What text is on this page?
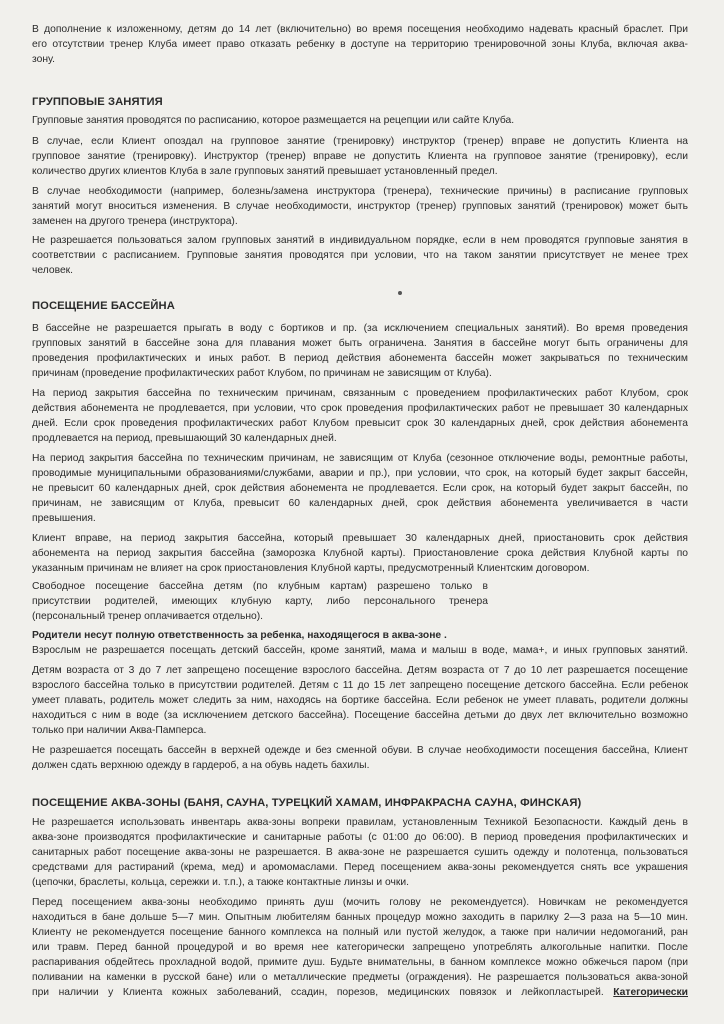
В дополнение к изложенному, детям до 14 лет (включительно) во время посещения необходимо надевать красный браслет. При
его отсутствии тренер Клуба имеет право отказать ребенку в доступе на территорию тренировочной зоны Клуба, включая аква-
зону.
ГРУППОВЫЕ ЗАНЯТИЯ
Групповые занятия проводятся по расписанию, которое размещается на рецепции или сайте Клуба.
В случае, если Клиент опоздал на групповое занятие (тренировку) инструктор (тренер) вправе не допустить Клиента на
групповое занятие (тренировку). Инструктор (тренер) вправе не допустить Клиента на групповое занятие (тренировку), если
количество других клиентов Клуба в зале групповых занятий превышает установленный предел.
В случае необходимости (например, болезнь/замена инструктора (тренера), технические причины) в расписание групповых
занятий могут вноситься изменения. В случае необходимости, инструктор (тренер) групповых занятий (тренировок) может быть
заменен на другого тренера (инструктора).
Не разрешается пользоваться залом групповых занятий в индивидуальном порядке, если в нем проводятся групповые занятия в
соответствии с расписанием. Групповые занятия проводятся при условии, что на таком занятии присутствует не менее трех
человек.
ПОСЕЩЕНИЕ БАССЕЙНА
В бассейне не разрешается прыгать в воду с бортиков и пр. (за исключением специальных занятий). Во время проведения
групповых занятий в бассейне зона для плавания может быть ограничена. Занятия в бассейне могут быть ограничены для
проведения профилактических и иных работ. В период действия абонемента бассейн может закрываться по техническим
причинам (проведение профилактических работ Клубом, по причинам не зависящим от Клуба).
На период закрытия бассейна по техническим причинам, связанным с проведением профилактических работ Клубом, срок
действия абонемента не продлевается, при условии, что срок проведения профилактических работ не превышает 30 календарных
дней. Если срок проведения профилактических работ Клубом превысит срок 30 календарных дней, срок действия абонемента
продлевается на период, превышающий 30 календарных дней.
На период закрытия бассейна по техническим причинам, не зависящим от Клуба (сезонное отключение воды, ремонтные работы,
проводимые муниципальными образованиями/службами, аварии и пр.), при условии, что срок, на который будет закрыт бассейн,
не превысит 60 календарных дней, срок действия абонемента не продлевается. Если срок, на который будет закрыт бассейн, по
причинам, не зависящим от Клуба, превысит 60 календарных дней, срок действия абонемента увеличивается в части
превышения.
Клиент вправе, на период закрытия бассейна, который превышает 30 календарных дней, приостановить срок действия
абонемента на период закрытия бассейна (заморозка Клубной карты). Приостановление срока действия Клубной карты по
указанным причинам не влияет на срок приостановления Клубной карты, предусмотренный Клиентским договором.
Свободное посещение бассейна детям (по клубным картам) разрешено только в
присутствии родителей, имеющих клубную карту, либо персонального тренера
(персональный тренер оплачивается отдельно).
Родители несут полную ответственность за ребенка, находящегося в аква-зоне .
Взрослым не разрешается посещать детский бассейн, кроме занятий, мама и малыш в воде, мама+, и иных групповых занятий.
Детям возраста от 3 до 7 лет запрещено посещение взрослого бассейна. Детям возраста от 7 до 10 лет разрешается посещение
взрослого бассейна только в присутствии родителей. Детям с 11 до 15 лет запрещено посещение детского бассейна. Если ребенок
умеет плавать, родитель может следить за ним, находясь на бортике бассейна. Если ребенок не умеет плавать, родители должны
находиться с ним в воде (за исключением детского бассейна). Посещение бассейна детьми до двух лет включительно возможно
только при наличии Аква-Памперса.
Не разрешается посещать бассейн в верхней одежде и без сменной обуви. В случае необходимости посещения бассейна, Клиент
должен сдать верхнюю одежду в гардероб, а на обувь надеть бахилы.
ПОСЕЩЕНИЕ АКВА-ЗОНЫ (БАНЯ, САУНА, ТУРЕЦКИЙ ХАМАМ, ИНФРАКРАСНА САУНА, ФИНСКАЯ)
Не разрешается использовать инвентарь аква-зоны вопреки правилам, установленным Техникой Безопасности. Каждый день в
аква-зоне производятся профилактические и санитарные работы (с 01:00 до 06:00). В период проведения профилактических и
санитарных работ посещение аква-зоны не разрешается. В аква-зоне не разрешается сушить одежду и полотенца, пользоваться
средствами для растираний (крема, мед) и аромомаслами. Перед посещением аква-зоны рекомендуется снять все украшения
(цепочки, браслеты, кольца, сережки и. т.п.), а также контактные линзы и очки.
Перед посещением аква-зоны необходимо принять душ (мочить голову не рекомендуется). Новичкам не рекомендуется
находиться в бане дольше 5—7 мин. Опытным любителям банных процедур можно заходить в парилку 2—3 раза на 5—10 мин.
Клиенту не рекомендуется посещение банного комплекса на полный или пустой желудок, а также при наличии недомоганий, ран
или травм. Перед банной процедурой и во время нее категорически запрещено употреблять алкогольные напитки. После
распаривания обдейтесь прохладной водой, примите душ. Будьте внимательны, в банном комплексе можно обжечься паром (при
поливании на каменки в русской бане) или о металлические предметы (ограждения). Не разрешается пользоваться аква-зоной
при наличии у Клиента кожных заболеваний, ссадин, порезов, медицинских повязок и лейкопластырей. Категорически
